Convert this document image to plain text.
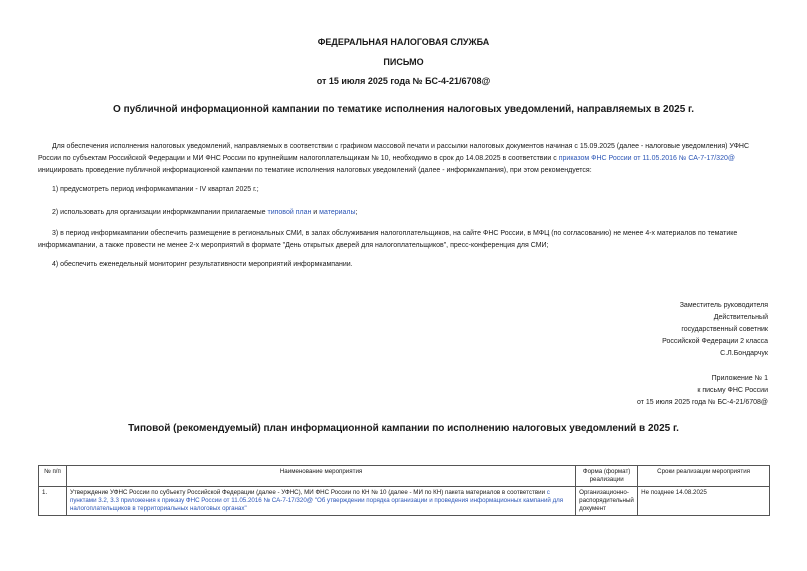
ФЕДЕРАЛЬНАЯ НАЛОГОВАЯ СЛУЖБА
ПИСЬМО
от 15 июля 2025 года № БС-4-21/6708@
О публичной информационной кампании по тематике исполнения налоговых уведомлений, направляемых в 2025 г.
Для обеспечения исполнения налоговых уведомлений, направляемых в соответствии с графиком массовой печати и рассылки налоговых документов начиная с 15.09.2025 (далее - налоговые уведомления) УФНС России по субъектам Российской Федерации и МИ ФНС России по крупнейшим налогоплательщикам № 10, необходимо в срок до 14.08.2025 в соответствии с приказом ФНС России от 11.05.2016 № СА-7-17/320@ инициировать проведение публичной информационной кампании по тематике исполнения налоговых уведомлений (далее - информкампания), при этом рекомендуется:
1) предусмотреть период информкампании - IV квартал 2025 г.;
2) использовать для организации информкампании прилагаемые типовой план и материалы;
3) в период информкампании обеспечить размещение в региональных СМИ, в залах обслуживания налогоплательщиков, на сайте ФНС России, в МФЦ (по согласованию) не менее 4-х материалов по тематике информкампании, а также провести не менее 2-х мероприятий в формате "День открытых дверей для налогоплательщиков", пресс-конференция для СМИ;
4) обеспечить еженедельный мониторинг результативности мероприятий информкампании.
Заместитель руководителя
Действительный
государственный советник
Российской Федерации 2 класса
С.Л.Бондарчук
Приложение № 1
к письму ФНС России
от 15 июля 2025 года № БС-4-21/6708@
Типовой (рекомендуемый) план информационной кампании по исполнению налоговых уведомлений в 2025 г.
№ п/п	Наименование мероприятия	Форма (формат) реализации	Сроки реализации мероприятия
1.	Утверждение УФНС России по субъекту Российской Федерации (далее - УФНС), МИ ФНС России по КН № 10 (далее - МИ по КН) пакета материалов в соответствии с пунктами 3.2, 3.3 приложения к приказу ФНС России от 11.05.2016 № СА-7-17/320@ "Об утверждении порядка организации и проведения информационных кампаний для налогоплательщиков в территориальных налоговых органах"	Организационно-распорядительный документ	Не позднее 14.08.2025
